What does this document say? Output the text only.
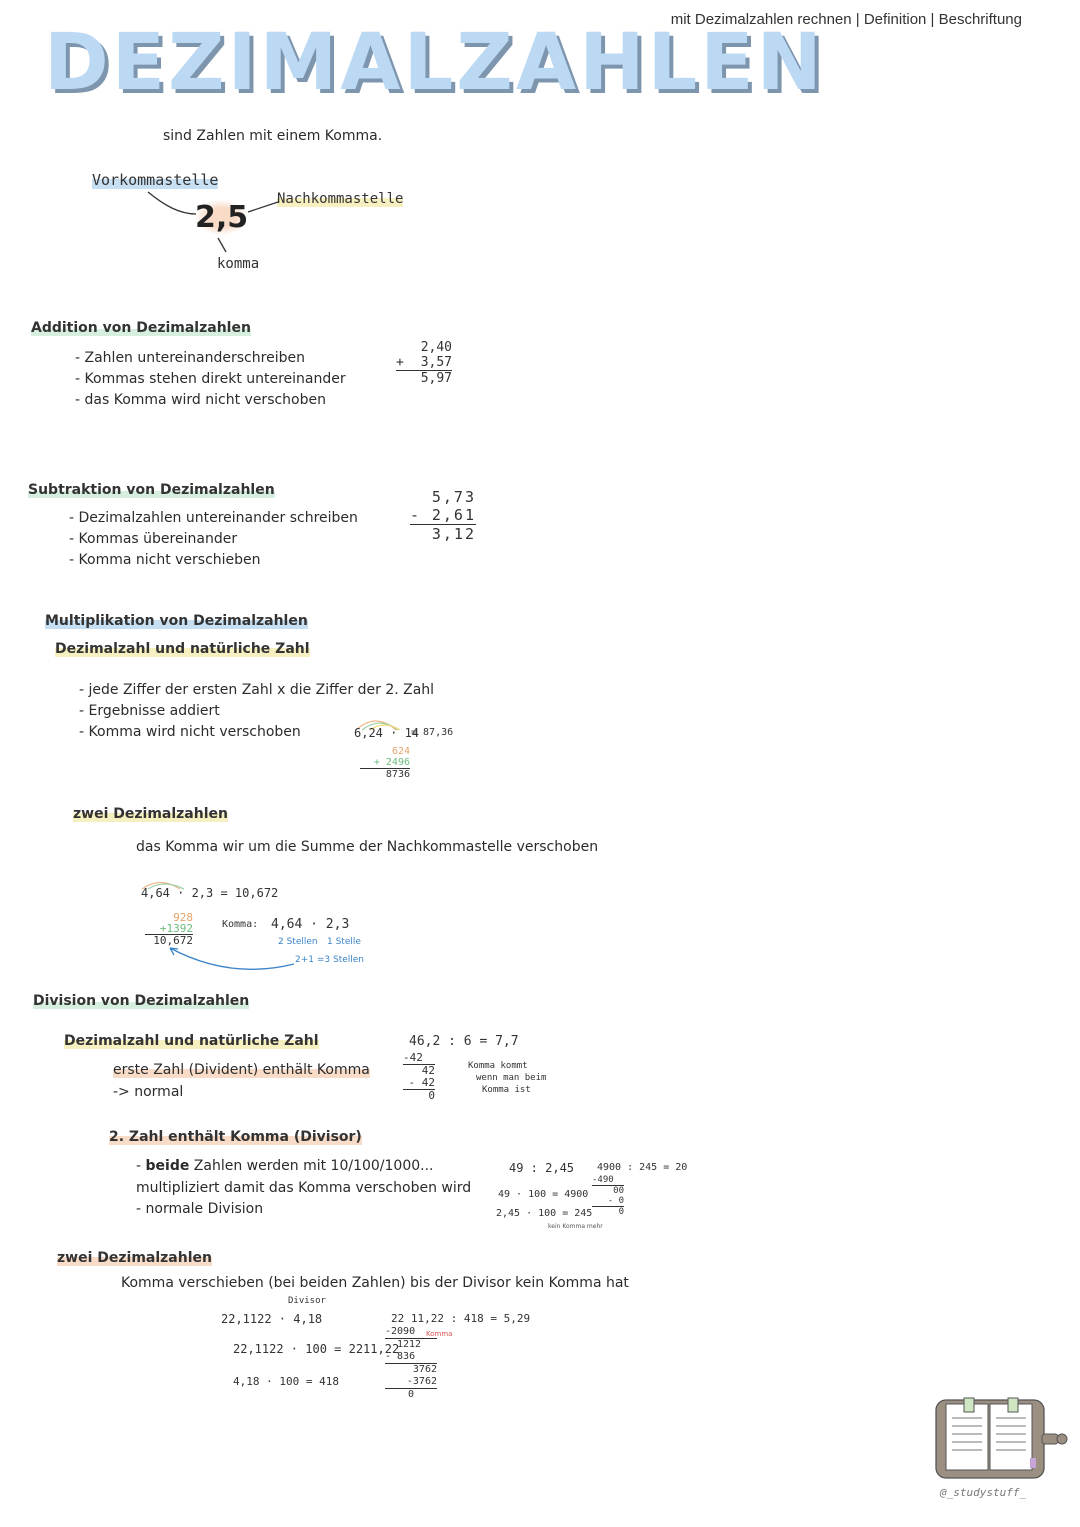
DEZIMALZAHLEN
mit Dezimalzahlen rechnen | Definition | Beschriftung
sind Zahlen mit einem Komma.
Vorkommastelle
Nachkommastelle
2,5
komma
Addition von Dezimalzahlen
- Zahlen untereinanderschreiben
- Kommas stehen direkt untereinander
- das Komma wird nicht verschoben
2,40
+ 3,57
5,97
Subtraktion von Dezimalzahlen
- Dezimalzahlen untereinander schreiben
- Kommas übereinander
- Komma nicht verschieben
5,73
- 2,61
3,12
Multiplikation von Dezimalzahlen
Dezimalzahl und natürliche Zahl
- jede Ziffer der ersten Zahl x die Ziffer der 2. Zahl
- Ergebnisse addiert
- Komma wird nicht verschoben	6,24 · 14
= 87,36
624
+ 2496
8736
zwei Dezimalzahlen
das Komma wir um die Summe der Nachkommastelle verschoben
4,64 · 2,3 = 10,672
928
+1392
10,672
Komma: 4,64 · 2,3
2 Stellen 1 Stelle
2+1 =3 Stellen
Division von Dezimalzahlen
Dezimalzahl und natürliche Zahl
erste Zahl (Divident) enthält Komma
-> normal
46,2 : 6 = 7,7
-42
42
- 42
0
Komma kommt
wenn man beim
Komma ist
2. Zahl enthält Komma (Divisor)
- beide Zahlen werden mit 10/100/1000...
multipliziert damit das Komma verschoben wird
- normale Division
49 : 2,45
49 · 100 = 4900
2,45 · 100 = 245
kein Komma mehr
4900 : 245 = 20
-490
00
- 0
0
zwei Dezimalzahlen
Komma verschieben (bei beiden Zahlen) bis der Divisor kein Komma hat
Divisor
22,1122 · 4,18
22,1122 · 100 = 2211,22
4,18 · 100 = 418
22 11,22 : 418 = 5,29
-2090
1212
- 836
3762
-3762
0
Komma
@_studystuff_
